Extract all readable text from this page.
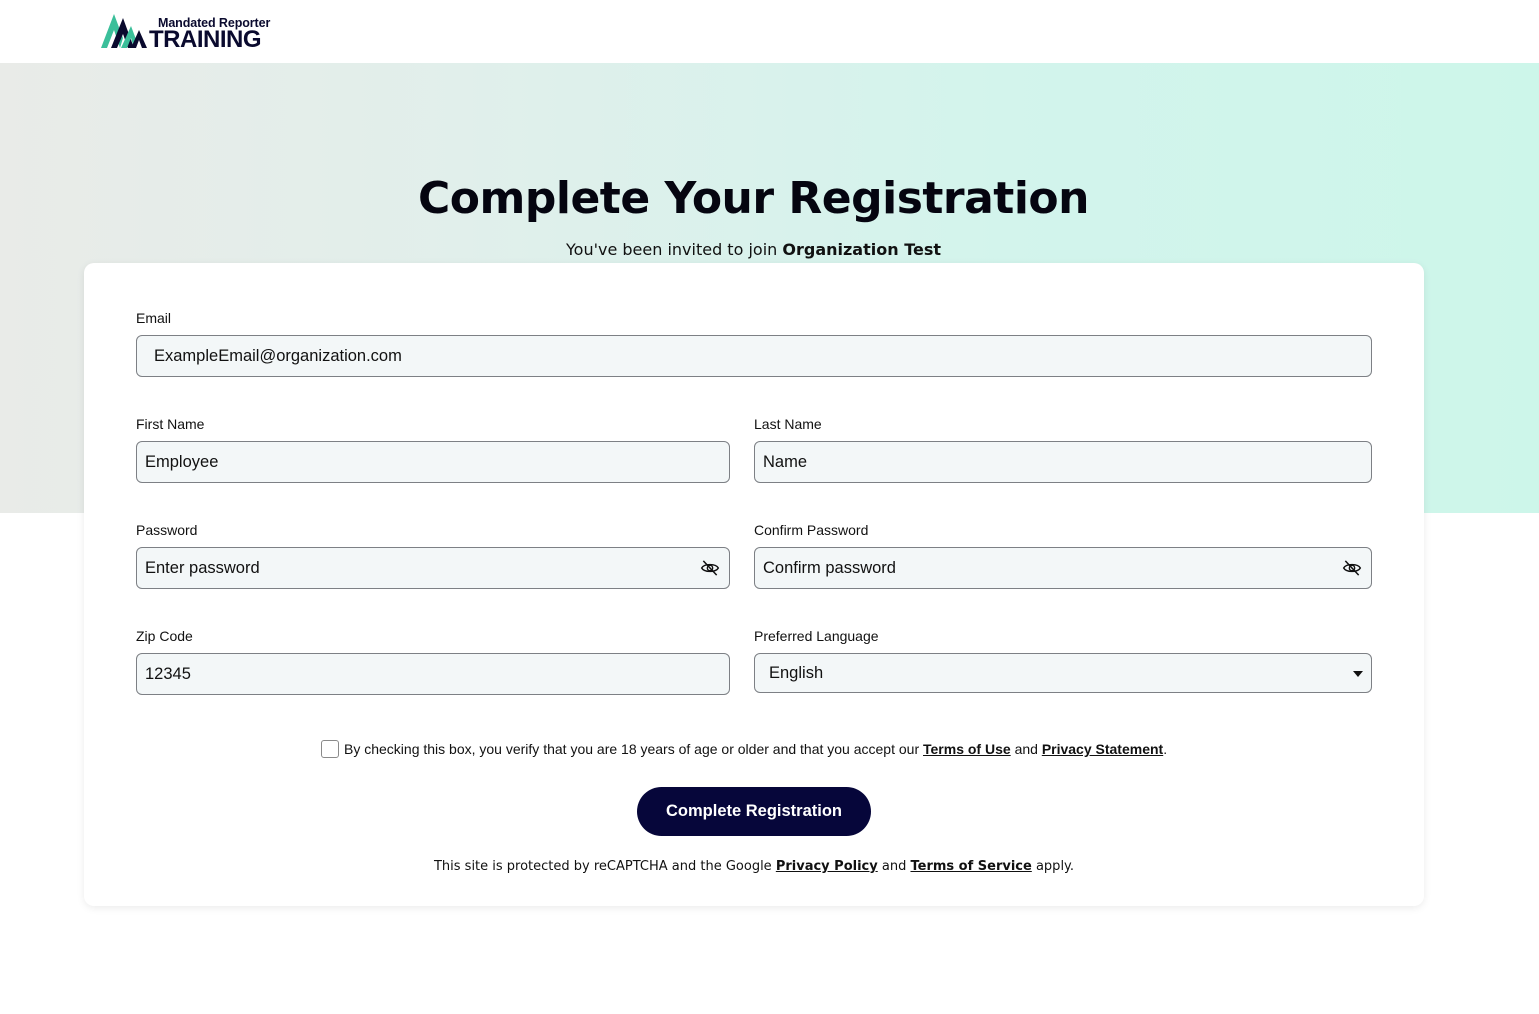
Mandated Reporter
TRAINING
Complete Your Registration

You've been invited to join Organization Test

Email
ExampleEmail@organization.com
First Name
Employee
Last Name
Name
Password
Enter password
Confirm Password
Confirm password
Zip Code
12345
Preferred Language
English
By checking this box, you verify that you are 18 years of age or older and that you accept our
Terms of Use
and
Privacy Statement .
Complete Registration

This site is protected by reCAPTCHA and the Google Privacy Policy and Terms of Service apply.
